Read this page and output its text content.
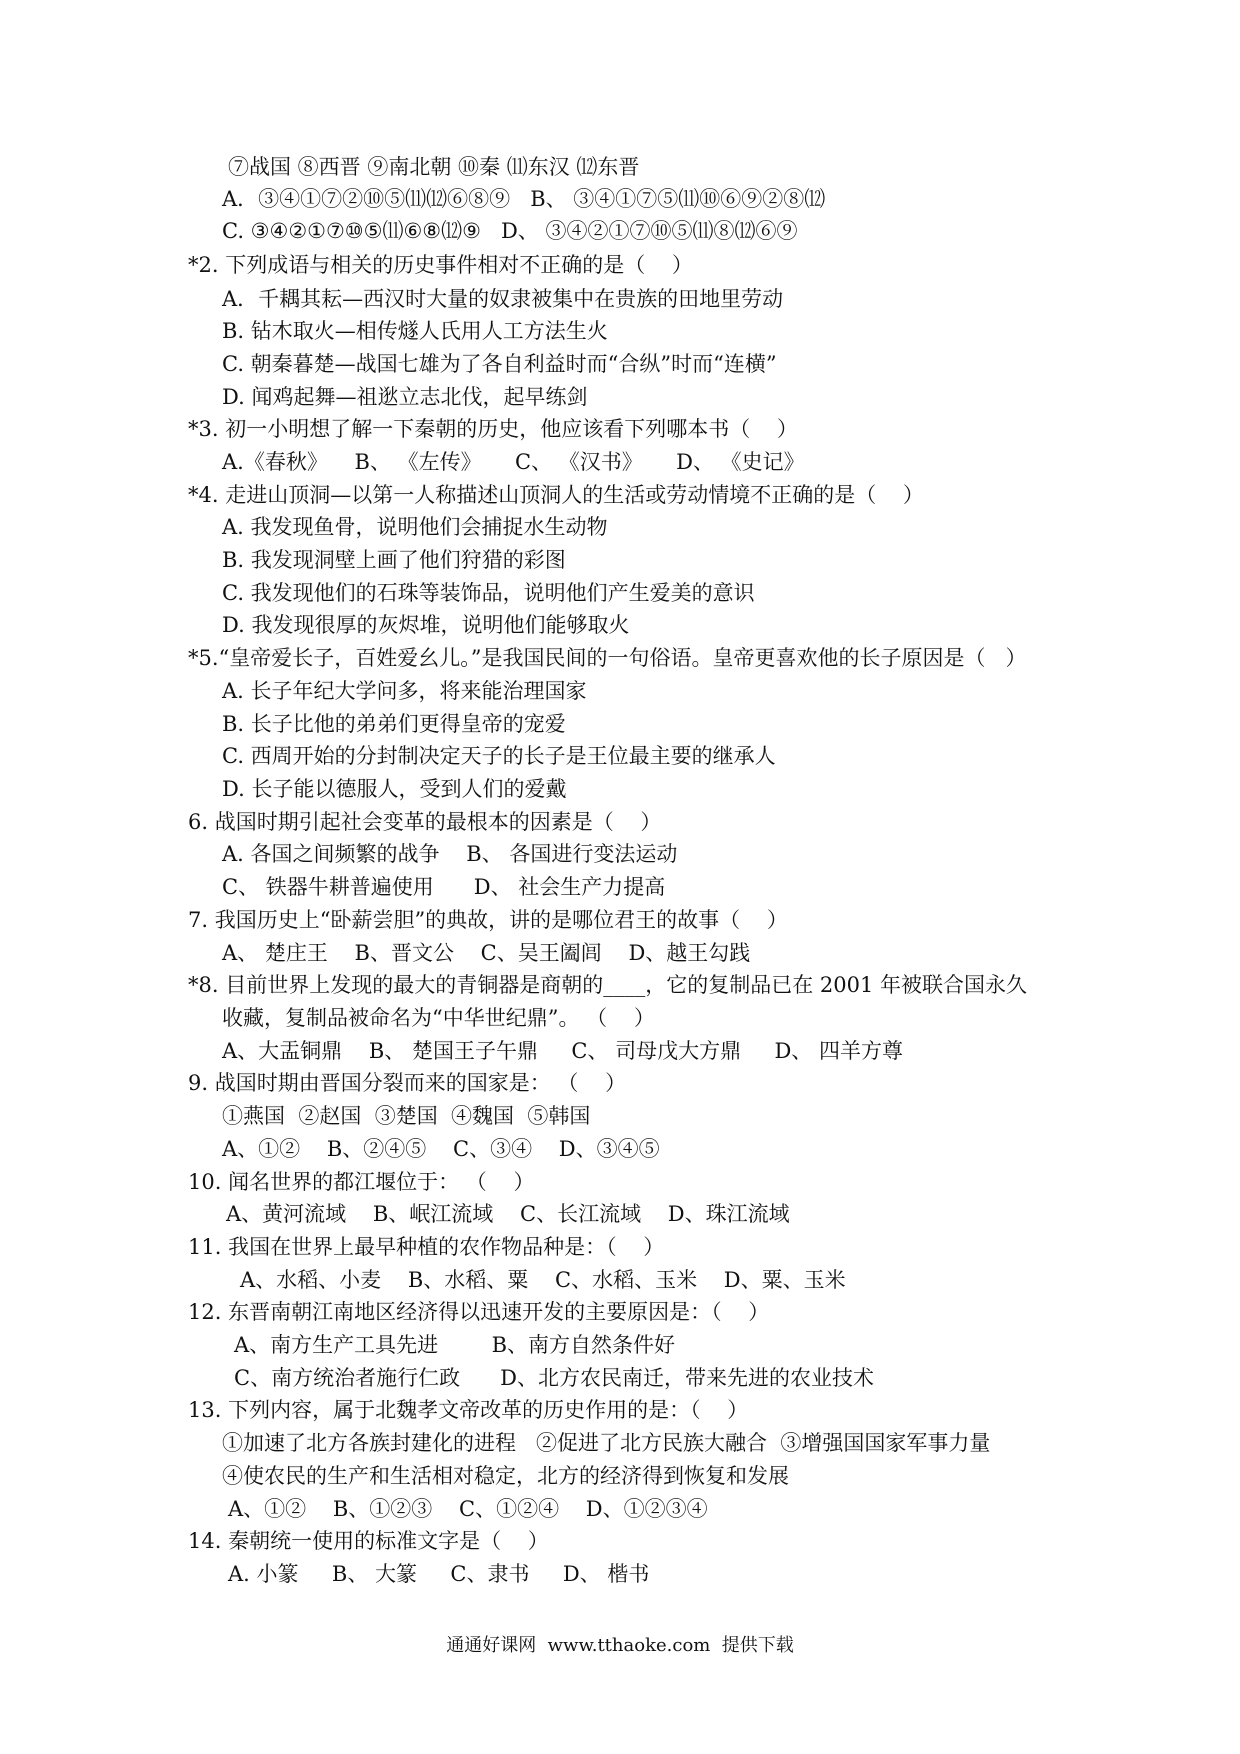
⑦战国 ⑧西晋 ⑨南北朝 ⑩秦 ⑾东汉 ⑿东晋
A．③④①⑦②⑩⑤⑾⑿⑥⑧⑨   B、 ③④①⑦⑤⑾⑩⑥⑨②⑧⑿
C. ③④②①⑦⑩⑤⑾⑥⑧⑿⑨   D、 ③④②①⑦⑩⑤⑾⑧⑿⑥⑨
*2. 下列成语与相关的历史事件相对不正确的是（    ）
A．千耦其耘—西汉时大量的奴隶被集中在贵族的田地里劳动
B. 钻木取火—相传燧人氏用人工方法生火
C. 朝秦暮楚—战国七雄为了各自利益时而“合纵”时而“连横”
D. 闻鸡起舞—祖逖立志北伐，起早练剑
*3. 初一小明想了解一下秦朝的历史，他应该看下列哪本书（    ）
A.《春秋》    B、 《左传》     C、 《汉书》     D、 《史记》
*4. 走进山顶洞—以第一人称描述山顶洞人的生活或劳动情境不正确的是（    ）
A. 我发现鱼骨，说明他们会捕捉水生动物
B. 我发现洞壁上画了他们狩猎的彩图
C. 我发现他们的石珠等装饰品，说明他们产生爱美的意识
D. 我发现很厚的灰烬堆，说明他们能够取火
*5.“皇帝爱长子，百姓爱幺儿。”是我国民间的一句俗语。皇帝更喜欢他的长子原因是（   ）
A. 长子年纪大学问多，将来能治理国家
B. 长子比他的弟弟们更得皇帝的宠爱
C. 西周开始的分封制决定天子的长子是王位最主要的继承人
D. 长子能以德服人，受到人们的爱戴
6. 战国时期引起社会变革的最根本的因素是（    ）
A. 各国之间频繁的战争    B、 各国进行变法运动
C、 铁器牛耕普遍使用      D、 社会生产力提高
7. 我国历史上“卧薪尝胆”的典故，讲的是哪位君王的故事（    ）
A、 楚庄王    B、晋文公    C、吴王阖闾    D、越王勾践
*8. 目前世界上发现的最大的青铜器是商朝的____，它的复制品已在 2001 年被联合国永久
收藏，复制品被命名为“中华世纪鼎”。 （    ）
A、大盂铜鼎    B、 楚国王子午鼎     C、 司母戊大方鼎     D、 四羊方尊
9. 战国时期由晋国分裂而来的国家是： （    ）
①燕国  ②赵国  ③楚国  ④魏国  ⑤韩国
A、①②    B、②④⑤    C、③④    D、③④⑤
10. 闻名世界的都江堰位于： （    ）
A、黄河流域    B、岷江流域    C、长江流域    D、珠江流域
11. 我国在世界上最早种植的农作物品种是：（    ）
A、水稻、小麦    B、水稻、粟    C、水稻、玉米    D、粟、玉米
12. 东晋南朝江南地区经济得以迅速开发的主要原因是：（    ）
A、南方生产工具先进        B、南方自然条件好
C、南方统治者施行仁政      D、北方农民南迁，带来先进的农业技术
13. 下列内容，属于北魏孝文帝改革的历史作用的是：（    ）
①加速了北方各族封建化的进程   ②促进了北方民族大融合  ③增强国国家军事力量
④使农民的生产和生活相对稳定，北方的经济得到恢复和发展
A、①②    B、①②③    C、①②④    D、①②③④
14. 秦朝统一使用的标准文字是（    ）
A. 小篆     B、 大篆     C、隶书     D、 楷书
通通好课网  www.tthaoke.com  提供下载
